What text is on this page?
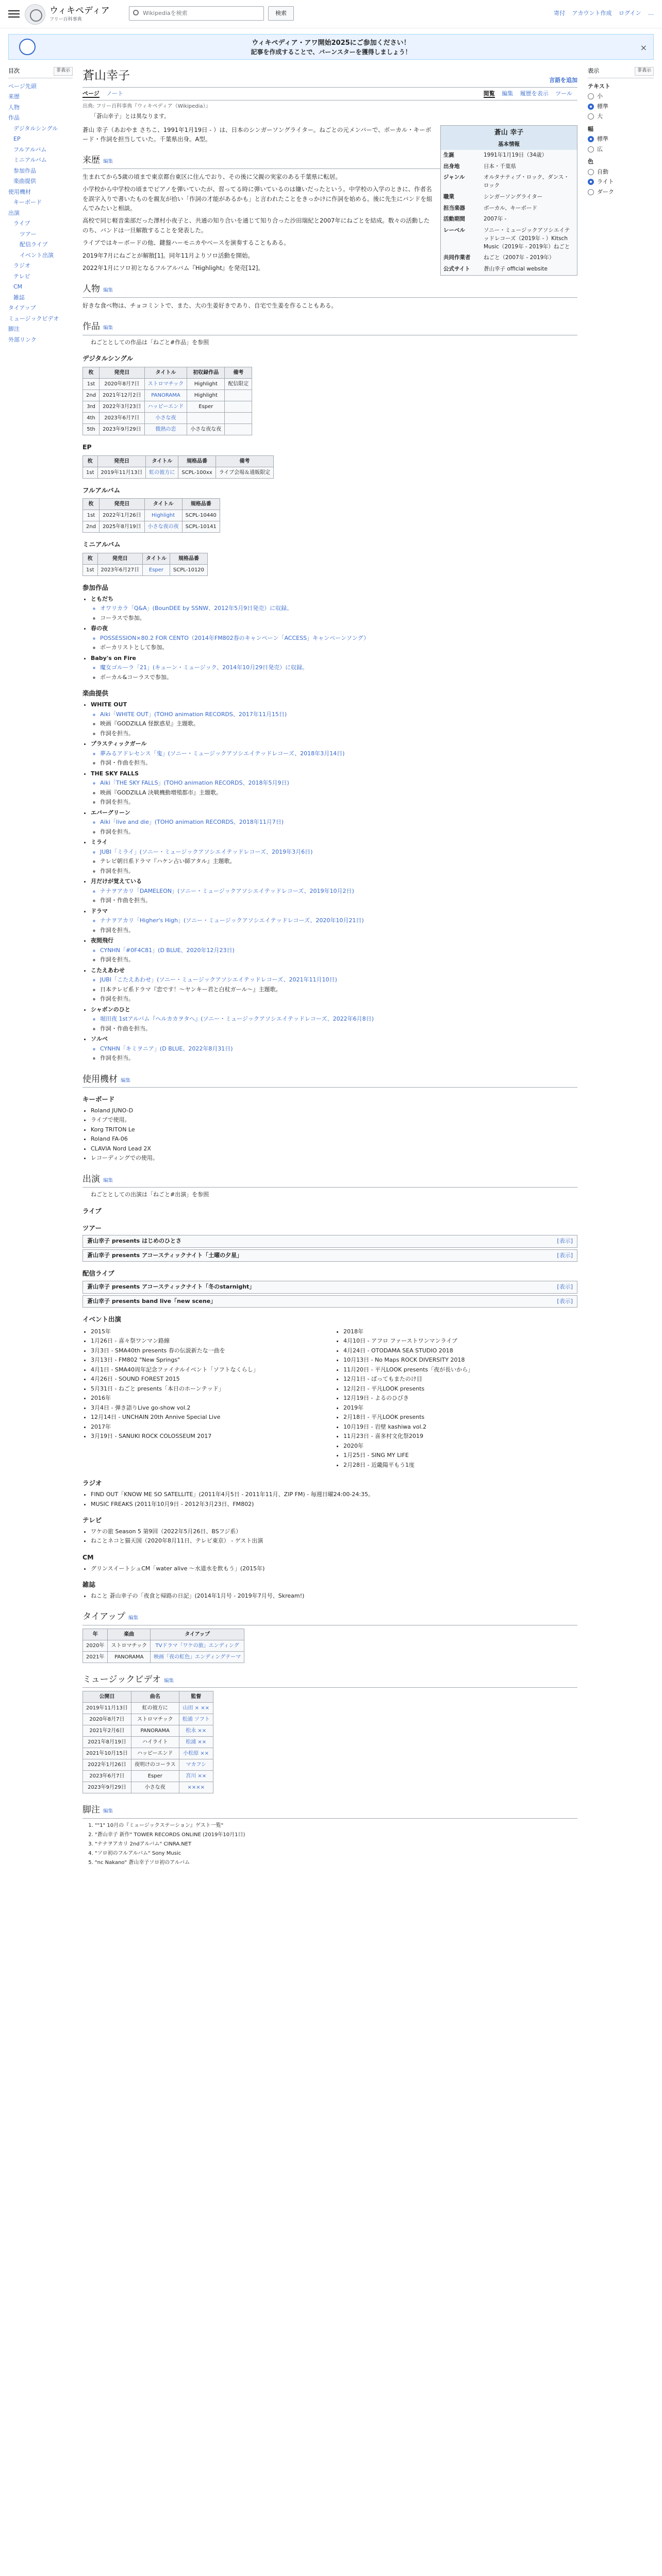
ウィキペディア
フリー百科事典
Wikipediaを検索	検索	寄付 アカウント作成 ログイン …
ウィキペディア・アワ開始2025にご参加ください！
記事を作成することで、バーンスターを獲得しましょう！	×
目次	非表示
ページ先頭
来歴
人物
作品
デジタルシングル
EP
フルアルバム
ミニアルバム
参加作品
楽曲提供
使用機材
キーボード
出演
ライブ
ツアー
配信ライブ
イベント出演
ラジオ
テレビ
CM
雑誌
タイアップ
ミュージックビデオ
脚注
外部リンク
表示	非表示
テキスト
小
標準
大
幅
標準
広
色
自動
ライト
ダーク
蒼山幸子	言語を追加
ページ ノート	閲覧 編集 履歴を表示 ツール
出典: フリー百科事典『ウィキペディア（Wikipedia）』
「蒼山幸子」とは異なります。
蒼山 幸子
基本情報
生誕	1991年1月19日（34歳）
出身地	日本・千葉県
ジャンル	オルタナティブ・ロック、ダンス・ロック
職業	シンガーソングライター
担当楽器	ボーカル、キーボード
活動期間	2007年 -
レーベル	ソニー・ミュージックアソシエイテッドレコーズ（2019年 - ）Kitsch Music（2019年 - 2019年）ねごと
共同作業者	ねごと（2007年 - 2019年）
公式サイト	蒼山幸子 official website

蒼山 幸子（あおやま さちこ、1991年1月19日 - ）は、日本のシンガーソングライター。ねごとの元メンバーで、ボーカル・キーボード・作詞を担当していた。千葉県出身。A型。

来歴 編集

生まれてから5歳の頃まで東京都台東区に住んでおり、その後に父親の実家のある千葉県に転居。

小学校から中学校の頃までピアノを弾いていたが、習ってる時に弾いているのは嫌いだったという。中学校の入学のときに、作者名を誤字入りで書いたものを親友が拾い「作詞の才能があるかも」と言われたことをきっかけに作詞を始める。後に先生にバンドを組んでみたいと相談。

高校で同じ軽音楽部だった澤村小夜子と、共通の知り合いを通じて知り合った沙田瑞紀と2007年にねごとを結成。数々の活動したのち、バンドは一旦解散することを発表した。

ライブではキーボードの他、鍵盤ハーモニカやベースを演奏することもある。

2019年7月にねごとが解散[1]。同年11月よりソロ活動を開始。

2022年1月にソロ初となるフルアルバム『Highlight』を発売[12]。

人物 編集

好きな食べ物は、チョコミントで、また、大の生姜好きであり、自宅で生姜を作ることもある。

作品 編集
ねごととしての作品は「ねごと#作品」を参照
デジタルシングル
枚	発売日	タイトル	初収録作品	備考
1st	2020年8月7日	ストロマチック	Highlight	配信限定
2nd	2021年12月2日	PANORAMA	Highlight	
3rd	2022年3月23日	ハッピーエンド	Esper	
4th	2023年6月7日	小さな夜		
5th	2023年9月29日	微熱の恋	小さな夜な夜	
EP
枚	発売日	タイトル	規格品番	備考
1st	2019年11月13日	虹の彼方に	SCPL-100xx	ライブ会場＆通販限定
フルアルバム
枚	発売日	タイトル	規格品番
1st	2022年1月26日	Highlight	SCPL-10440
2nd	2025年8月19日	小さな夜の夜	SCPL-10141
ミニアルバム
枚	発売日	タイトル	規格品番
1st	2023年6月27日	Esper	SCPL-10120
参加作品
• ともだち
◦ オワリカラ「Q&A」(BounDEE by SSNW、2012年5月9日発売）に収録。
◦ コーラスで参加。
• 春の夜
◦ POSSESSION×80.2 FOR CENTO（2014年FM802春のキャンペーン「ACCESS」キャンペーンソング）
◦ ボーカリストとして参加。
• Baby's on Fire
◦ 魔女ゴルーラ「21」(キューン・ミュージック、2014年10月29日発売）に収録。
◦ ボーカル&コーラスで参加。
楽曲提供
• WHITE OUT
◦ Aiki「WHITE OUT」(TOHO animation RECORDS、2017年11月15日)
◦ 映画『GODZILLA 怪獣惑星』主題歌。
◦ 作詞を担当。
• プラスティックガール
◦ 夢みるアドレセンス「鬼」(ソニー・ミュージックアソシエイテッドレコーズ、2018年3月14日)
◦ 作詞・作曲を担当。
• THE SKY FALLS
◦ Aiki「THE SKY FALLS」(TOHO animation RECORDS、2018年5月9日)
◦ 映画『GODZILLA 決戦機動増殖都市』主題歌。
◦ 作詞を担当。
• エバーグリーン
◦ Aiki「live and die」(TOHO animation RECORDS、2018年11月7日)
◦ 作詞を担当。
• ミライ
◦ JUBI「ミライ」(ソニー・ミュージックアソシエイテッドレコーズ、2019年3月6日)
◦ テレビ朝日系ドラマ『ハケン占い師アタル』主題歌。
◦ 作詞を担当。
• 月だけが覚えている
◦ ナナヲアカリ「DAMELEON」(ソニー・ミュージックアソシエイテッドレコーズ、2019年10月2日)
◦ 作詞・作曲を担当。
• ドラマ
◦ ナナヲアカリ「Higher's High」(ソニー・ミュージックアソシエイテッドレコーズ、2020年10月21日)
◦ 作詞を担当。
• 夜間飛行
◦ CYNHN「#0F4C81」(D BLUE、2020年12月23日)
◦ 作詞を担当。
• こたえあわせ
◦ JUBI「こたえあわせ」(ソニー・ミュージックアソシエイテッドレコーズ、2021年11月10日)
◦ 日本テレビ系ドラマ『恋です！〜ヤンキー君と白杖ガール〜』主題歌。
◦ 作詞を担当。
• シャボンのひと
◦ 堀田夜 1stアルバム『ヘルカカヲタへ』(ソニー・ミュージックアソシエイテッドレコーズ、2022年6月8日)
◦ 作詞・作曲を担当。
• ソルベ
◦ CYNHN「キミヲニア」(D BLUE、2022年8月31日)
◦ 作詞を担当。
使用機材 編集
キーボード
• Roland JUNO-D
• ライブで使用。
• Korg TRITON Le
• Roland FA-06
• CLAVIA Nord Lead 2X
• レコーディングでの使用。
出演 編集
ねごととしての出演は「ねごと#出演」を参照
ライブ
ツアー
蒼山幸子 presents はじめのひとさ	[表示]
蒼山幸子 presents アコースティックナイト「土曜の夕星」	[表示]
配信ライブ
蒼山幸子 presents アコースティックナイト「冬のstarnight」	[表示]
蒼山幸子 presents band live「new scene」	[表示]
イベント出演
• 2015年
• 1月26日 - 喜々祭ワンマン路線
• 3月3日 - SMA40th presents 春の伝説新たな一曲を
• 3月13日 - FM802 "New Springs"
• 4月1日 - SMA40周年記念ファイナルイベント「ソフトなくらし」
• 4月26日 - SOUND FOREST 2015
• 5月31日 - ねごと presents「本日のホーンテッド」
• 2016年
• 3月4日 - 弾き語りLive go-show vol.2
• 12月14日 - UNCHAIN 20th Annive Special Live
• 2017年
• 3月19日 - SANUKI ROCK COLOSSEUM 2017
• 2018年
• 4月10日 - アフロ ファーストワンマンライブ
• 4月24日 - OTODAMA SEA STUDIO 2018
• 10月13日 - No Maps ROCK DIVERSITY 2018
• 11月20日 - 平凡LOOK presents「夜が長いから」
• 12月1日 - ばってもまたのけ目
• 12月2日 - 平凡LOOK presents
• 12月19日 - よるのひびき
• 2019年
• 2月18日 - 平凡LOOK presents
• 10月19日 - 岩壁 kashiwa vol.2
• 11月23日 - 喜多村文化祭2019
• 2020年
• 1月25日 - SING MY LIFE
• 2月28日 - 近畿陽平もう1度
ラジオ
• FIND OUT「KNOW ME SO SATELLITE」(2011年4月5日 - 2011年11月、ZIP FM) - 毎週日曜24:00-24:35。
• MUSIC FREAKS (2011年10月9日 - 2012年3月23日、FM802)
テレビ
• ワケの旅 Season 5 第9回（2022年5月26日、BSフジ系）
• ねことネコと猫天国（2020年8月11日、テレビ東京） - ゲスト出演
CM
• グリンスイートシュCM「water alive 〜水道水を飲もう」(2015年)
雑誌
• ねこと 蒼山幸子の「夜食と帰路の日記」(2014年1月号 - 2019年7月号、Skream!)
タイアップ 編集
年	楽曲	タイアップ
2020年	ストロマチック	TVドラマ「ワケの旅」エンディング
2021年	PANORAMA	映画「夜の虹色」エンディングテーマ
ミュージックビデオ 編集
公開日	曲名	監督
2019年11月13日	虹の彼方に	山田 × ××
2020年8月7日	ストロマチック	松浦 ソフト
2021年2月6日	PANORAMA	松永 ××
2021年8月19日	ハイライト	松浦 ××
2021年10月15日	ハッピーエンド	小松原 ××
2022年1月26日	夜明けのコーラス	マカフシ
2023年6月7日	Esper	宮川 ××
2023年9月29日	小さな夜	××××
脚注 編集
1. ""1" 10月の『ミュージックステーション』ゲスト一覧"
2. "蒼山幸子 新作" TOWER RECORDS ONLINE (2019年10月1日)
3. "ナナヲアカリ 2ndアルバム" CINRA.NET
4. "ソロ初のフルアルバム" Sony Music
5. "nc Nakano" 蒼山幸子ソロ初のアルバム
